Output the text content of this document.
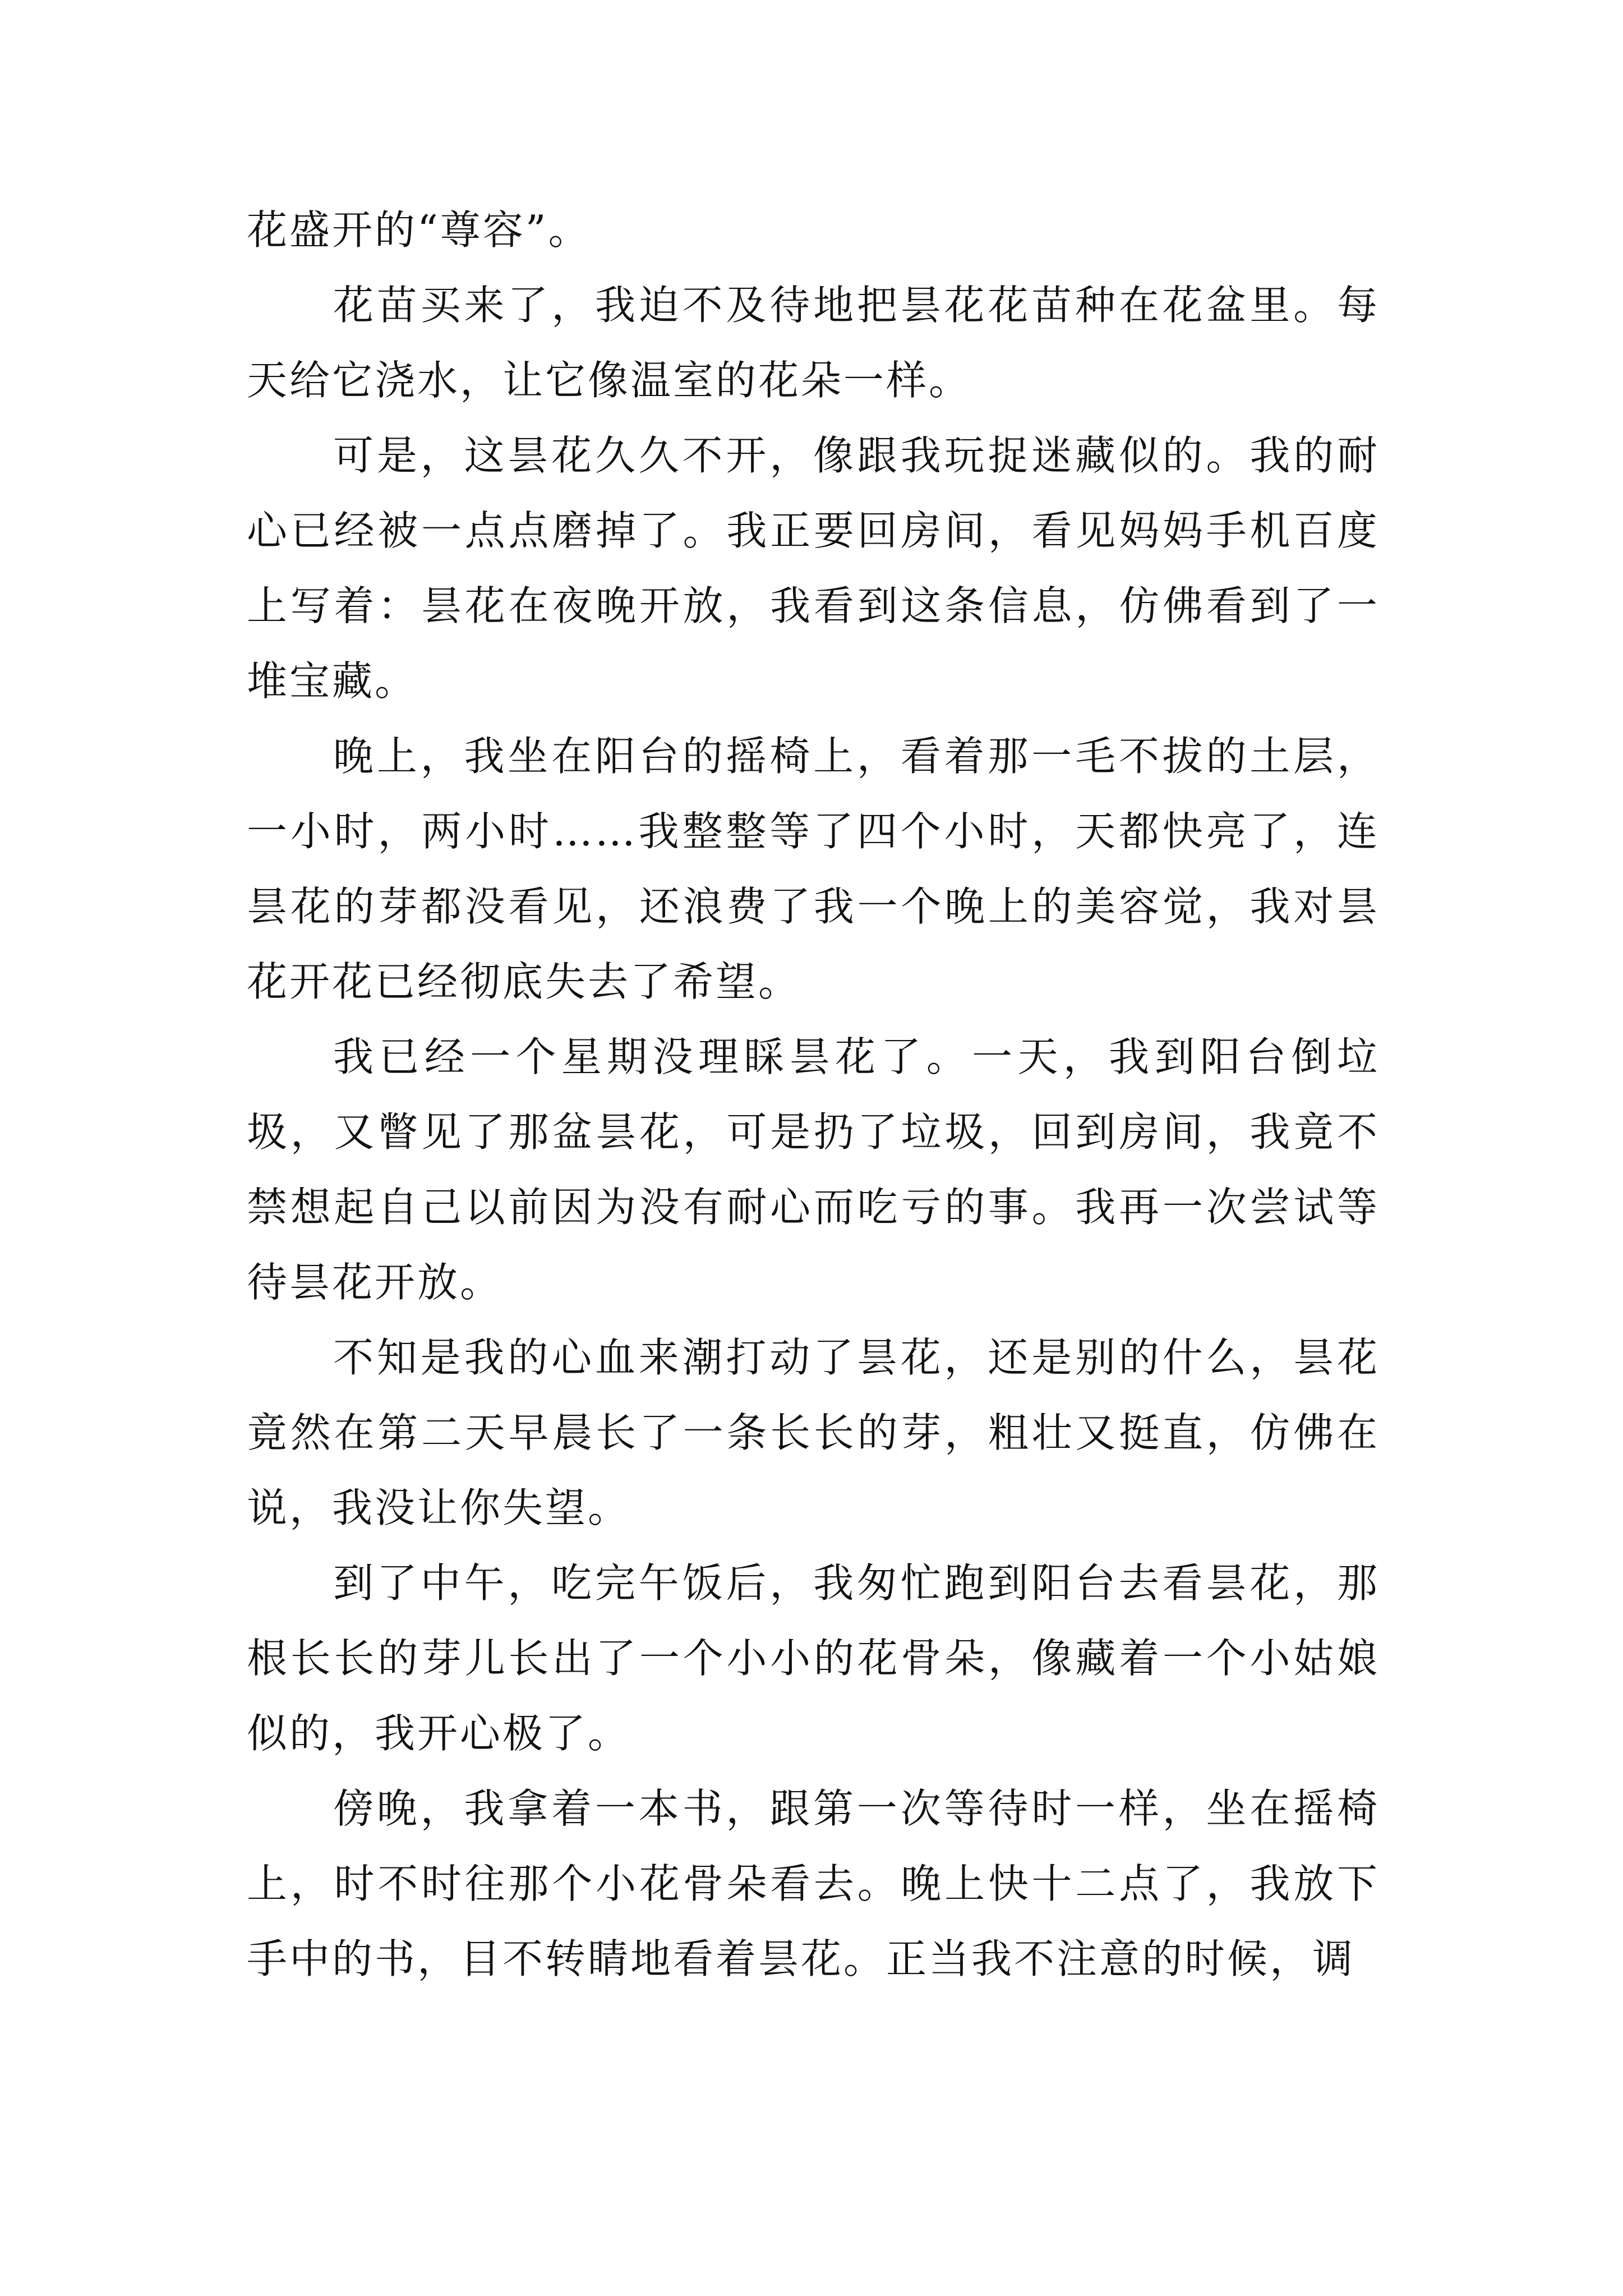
花盛开的“尊容”。

花苗买来了，我迫不及待地把昙花花苗种在花盆里。每天给它浇水，让它像温室的花朵一样。

可是，这昙花久久不开，像跟我玩捉迷藏似的。我的耐心已经被一点点磨掉了。我正要回房间，看见妈妈手机百度上写着：昙花在夜晚开放，我看到这条信息，仿佛看到了一堆宝藏。

晚上，我坐在阳台的摇椅上，看着那一毛不拔的土层，一小时，两小时……我整整等了四个小时，天都快亮了，连昙花的芽都没看见，还浪费了我一个晚上的美容觉，我对昙花开花已经彻底失去了希望。

我已经一个星期没理睬昙花了。一天，我到阳台倒垃圾，又瞥见了那盆昙花，可是扔了垃圾，回到房间，我竟不禁想起自己以前因为没有耐心而吃亏的事。我再一次尝试等待昙花开放。

不知是我的心血来潮打动了昙花，还是别的什么，昙花竟然在第二天早晨长了一条长长的芽，粗壮又挺直，仿佛在说，我没让你失望。

到了中午，吃完午饭后，我匆忙跑到阳台去看昙花，那根长长的芽儿长出了一个小小的花骨朵，像藏着一个小姑娘似的，我开心极了。

傍晚，我拿着一本书，跟第一次等待时一样，坐在摇椅上，时不时往那个小花骨朵看去。晚上快十二点了，我放下手中的书，目不转睛地看着昙花。正当我不注意的时候，调
